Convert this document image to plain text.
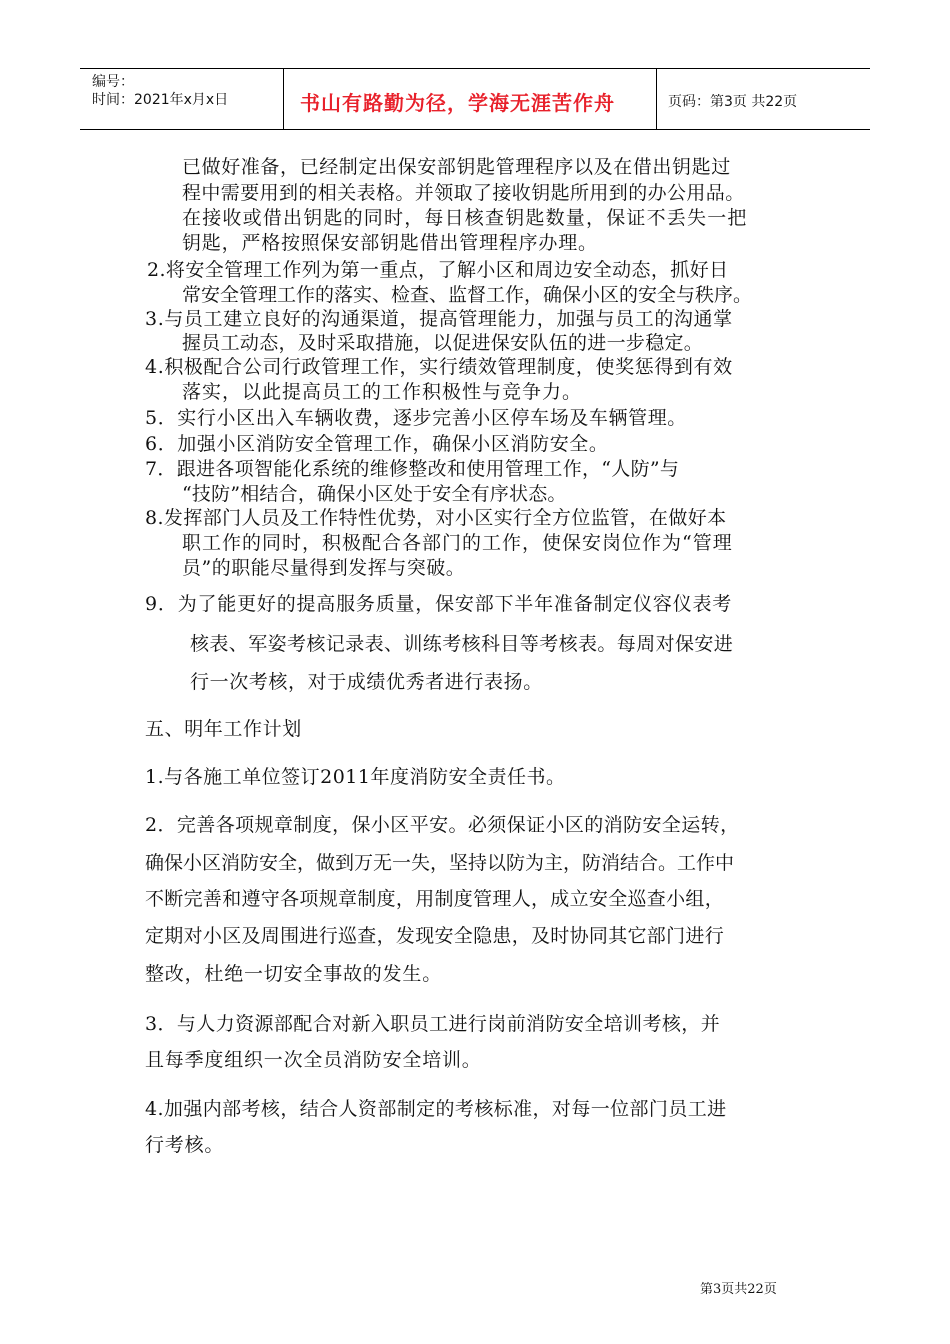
编号：
时间：2021年x月x日	书山有路勤为径，学海无涯苦作舟	页码：第3页 共22页
已做好准备，已经制定出保安部钥匙管理程序以及在借出钥匙过
程中需要用到的相关表格。并领取了接收钥匙所用到的办公用品。
在接收或借出钥匙的同时，每日核查钥匙数量，保证不丢失一把
钥匙，严格按照保安部钥匙借出管理程序办理。
2.将安全管理工作列为第一重点，了解小区和周边安全动态，抓好日
常安全管理工作的落实、检查、监督工作，确保小区的安全与秩序。
3.与员工建立良好的沟通渠道，提高管理能力，加强与员工的沟通掌
握员工动态，及时采取措施，以促进保安队伍的进一步稳定。
4.积极配合公司行政管理工作，实行绩效管理制度，使奖惩得到有效
落实，以此提高员工的工作积极性与竞争力。
5．实行小区出入车辆收费，逐步完善小区停车场及车辆管理。
6．加强小区消防安全管理工作，确保小区消防安全。
7．跟进各项智能化系统的维修整改和使用管理工作，“人防”与
“技防”相结合，确保小区处于安全有序状态。
8.发挥部门人员及工作特性优势，对小区实行全方位监管，在做好本
职工作的同时，积极配合各部门的工作，使保安岗位作为“管理
员”的职能尽量得到发挥与突破。
9．为了能更好的提高服务质量，保安部下半年准备制定仪容仪表考
核表、军姿考核记录表、训练考核科目等考核表。每周对保安进
行一次考核，对于成绩优秀者进行表扬。
五、明年工作计划
1.与各施工单位签订2011年度消防安全责任书。
2．完善各项规章制度，保小区平安。必须保证小区的消防安全运转，
确保小区消防安全，做到万无一失，坚持以防为主，防消结合。工作中
不断完善和遵守各项规章制度，用制度管理人，成立安全巡查小组，
定期对小区及周围进行巡查，发现安全隐患，及时协同其它部门进行
整改，杜绝一切安全事故的发生。
3．与人力资源部配合对新入职员工进行岗前消防安全培训考核，并
且每季度组织一次全员消防安全培训。
4.加强内部考核，结合人资部制定的考核标准，对每一位部门员工进
行考核。
第3页共22页
